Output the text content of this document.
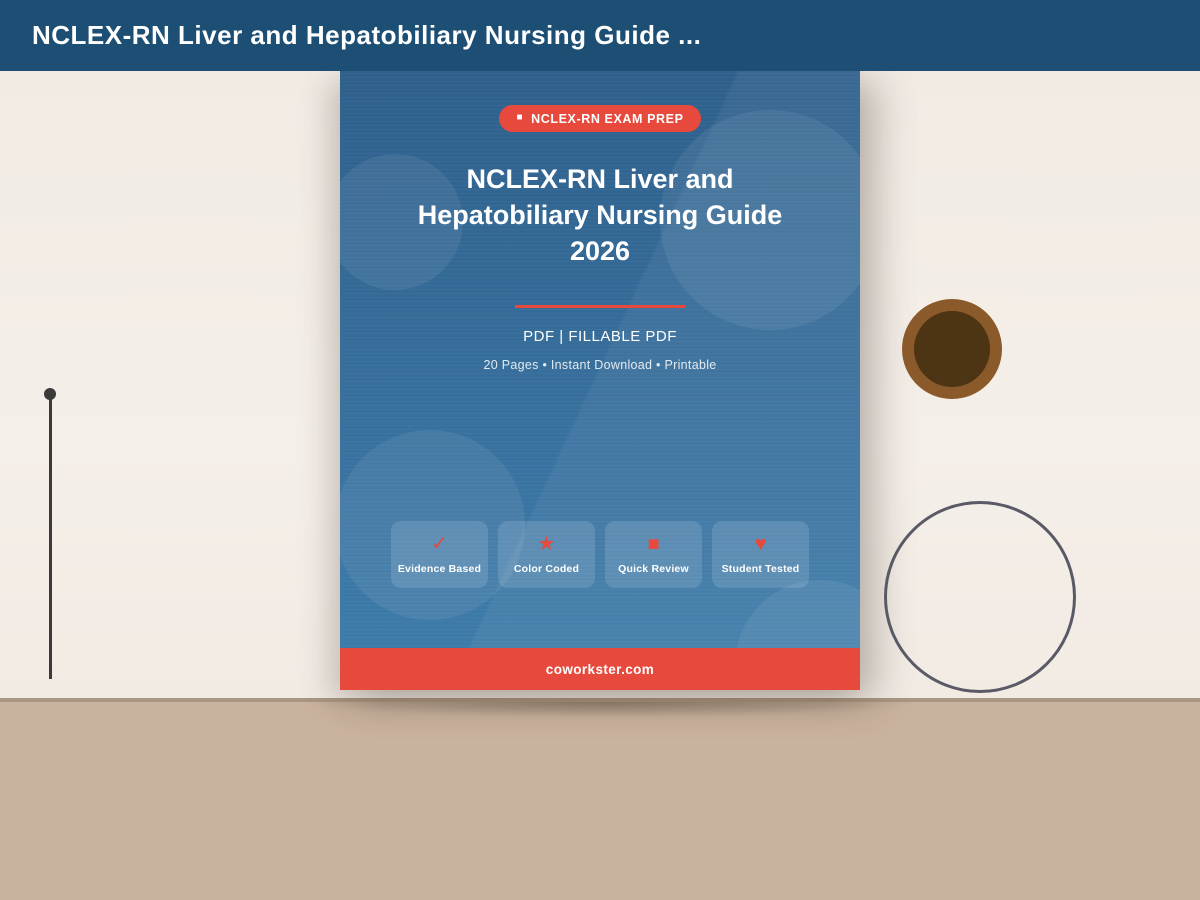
NCLEX-RN Liver and Hepatobiliary Nursing Guide ...
■ NCLEX-RN EXAM PREP
NCLEX-RN Liver and
Hepatobiliary Nursing Guide
2026
PDF | FILLABLE PDF
20 Pages • Instant Download • Printable
✓
Evidence Based
★
Color Coded
■
Quick Review
♥
Student Tested
coworkster.com
